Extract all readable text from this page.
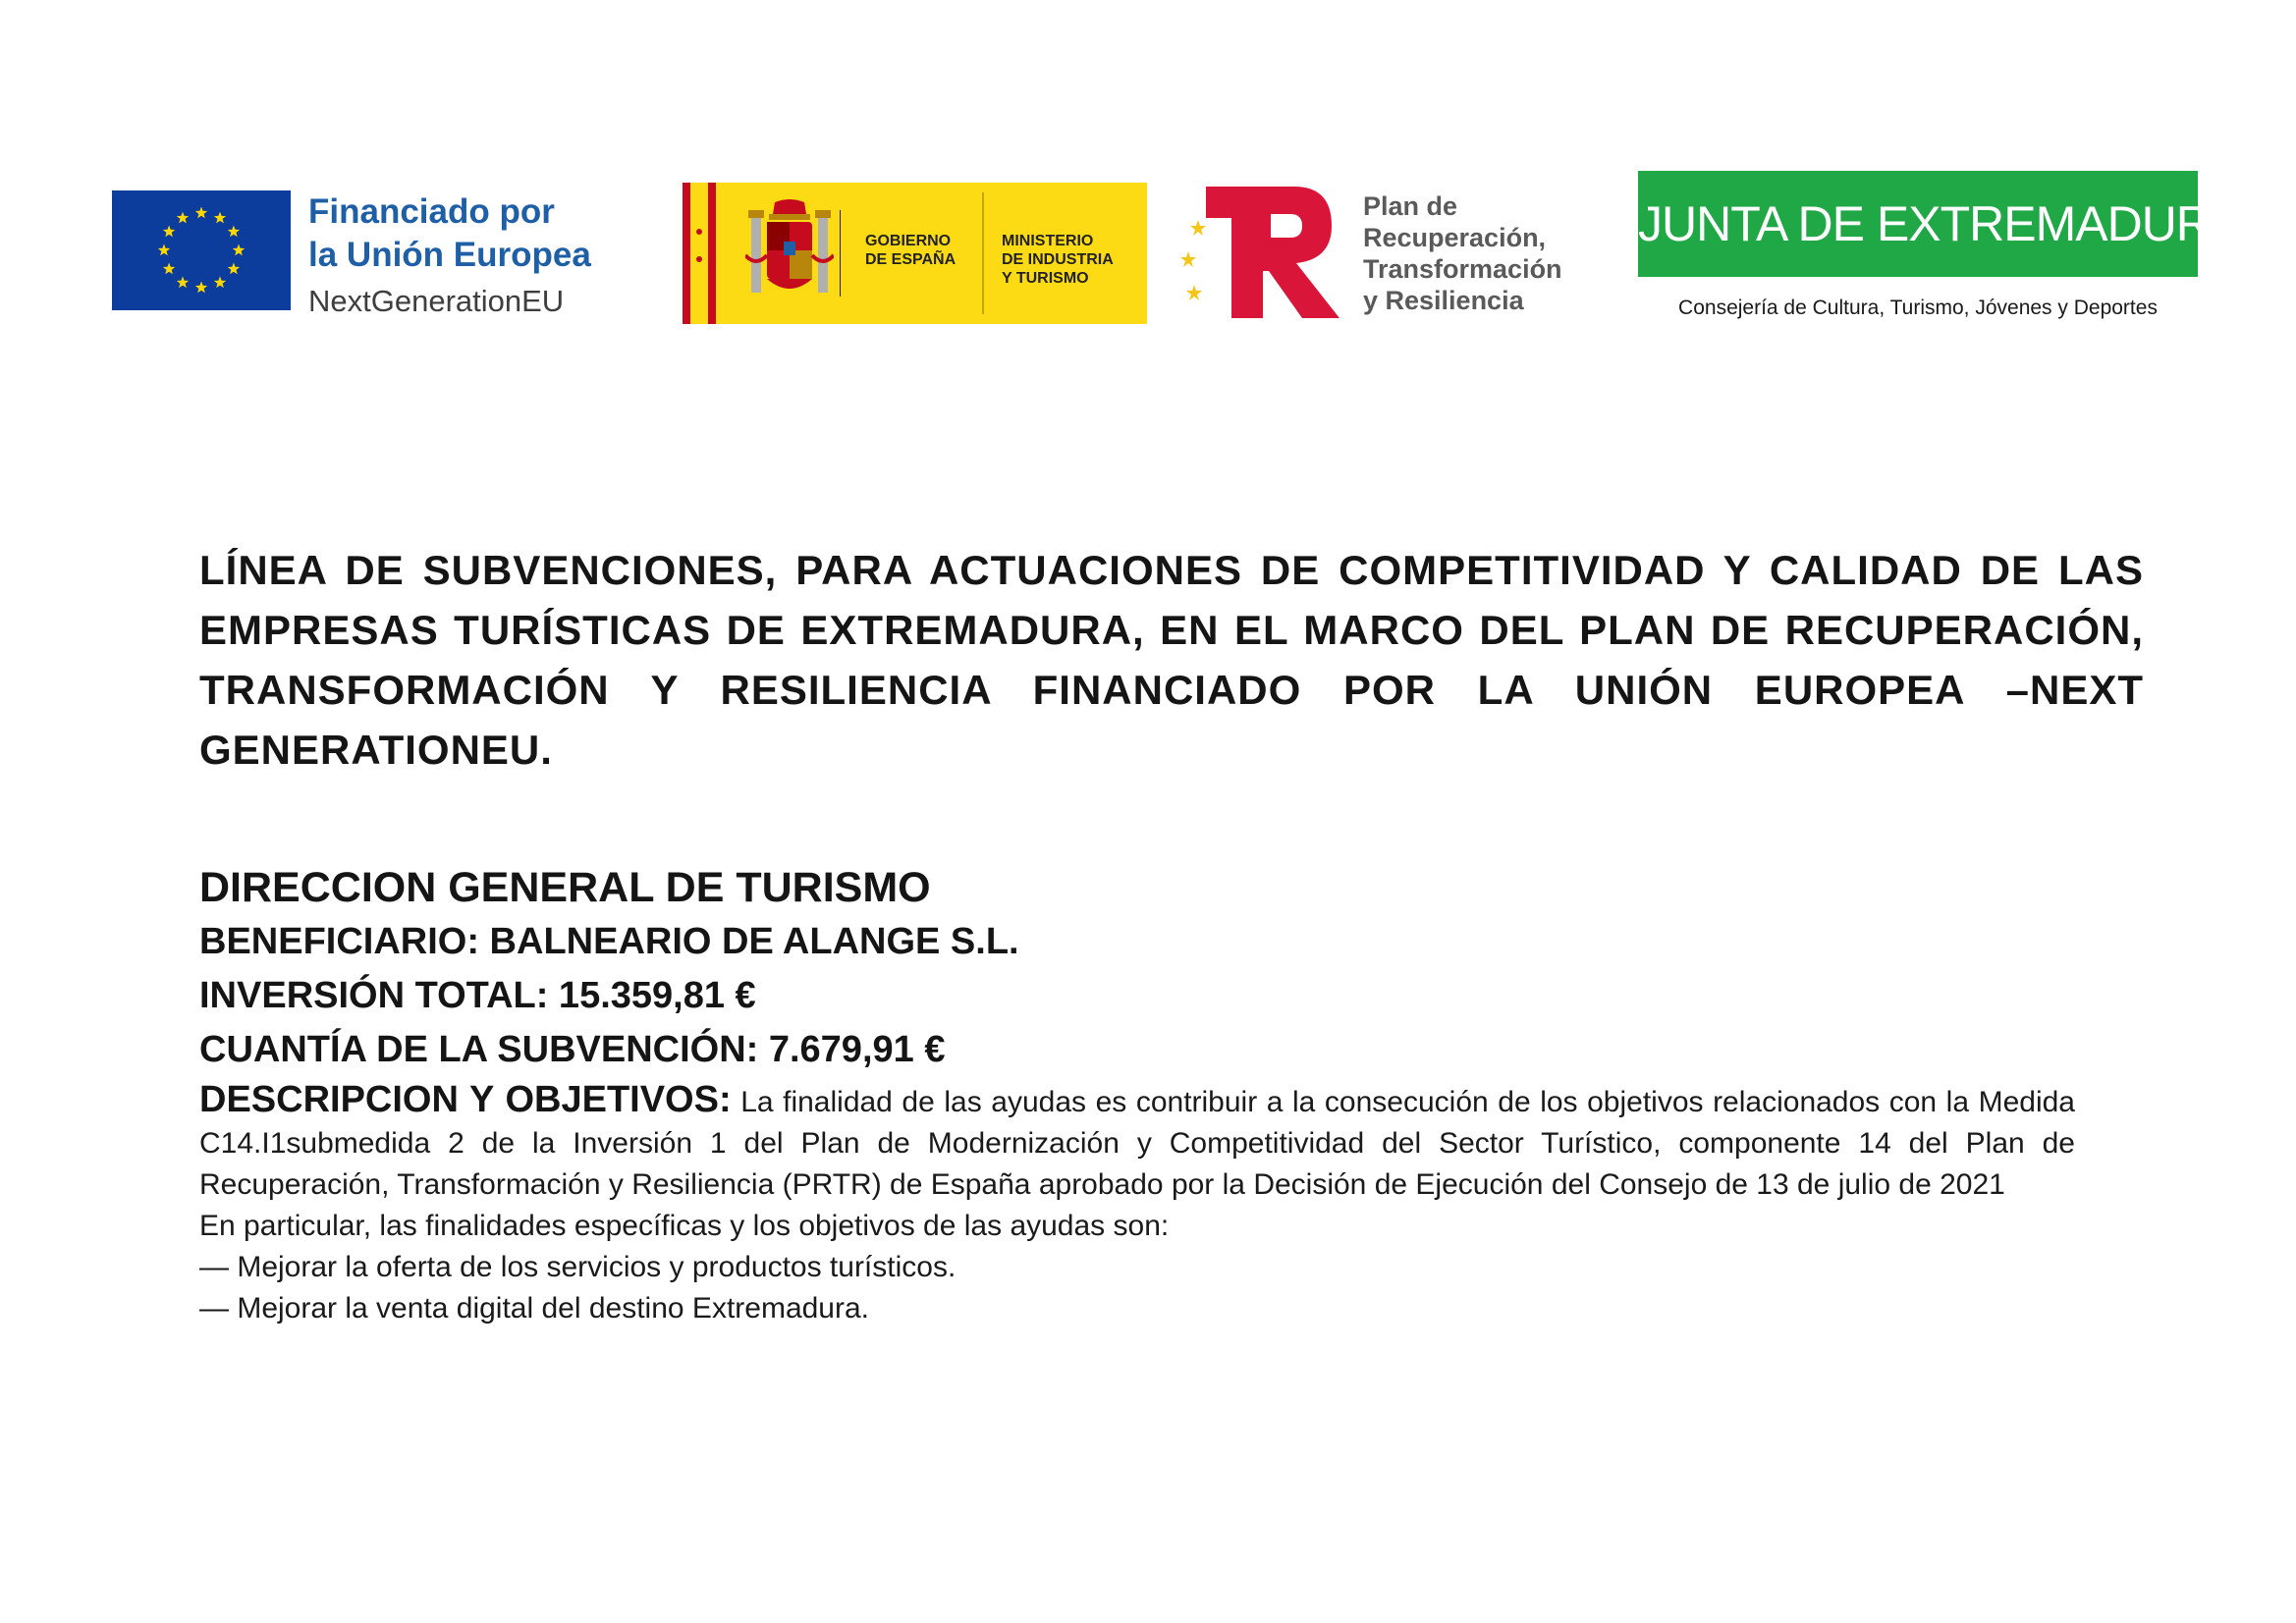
Financiado por
la Unión Europea
NextGenerationEU
GOBIERNO
DE ESPAÑA
MINISTERIO
DE INDUSTRIA
Y TURISMO
Plan de
Recuperación,
Transformación
y Resiliencia
JUNTA DE EXTREMADURA
Consejería de Cultura, Turismo, Jóvenes y Deportes

LÍNEA DE SUBVENCIONES, PARA ACTUACIONES DE COMPETITIVIDAD Y CALIDAD DE LAS EMPRESAS TURÍSTICAS DE EXTREMADURA, EN EL MARCO DEL PLAN DE RECUPERACIÓN, TRANSFORMACIÓN Y RESILIENCIA FINANCIADO POR LA UNIÓN EUROPEA –NEXT GENERATIONEU.

DIRECCION GENERAL DE TURISMO
BENEFICIARIO: BALNEARIO DE ALANGE S.L.
INVERSIÓN TOTAL: 15.359,81 €
CUANTÍA DE LA SUBVENCIÓN: 7.679,91 €
DESCRIPCION Y OBJETIVOS: La finalidad de las ayudas es contribuir a la consecución de los objetivos relacionados con la Medida C14.I1submedida 2 de la Inversión 1 del Plan de Modernización y Competitividad del Sector Turístico, componente 14 del Plan de Recuperación, Transformación y Resiliencia (PRTR) de España aprobado por la Decisión de Ejecución del Consejo de 13 de julio de 2021
En particular, las finalidades específicas y los objetivos de las ayudas son:
— Mejorar la oferta de los servicios y productos turísticos.
— Mejorar la venta digital del destino Extremadura.
